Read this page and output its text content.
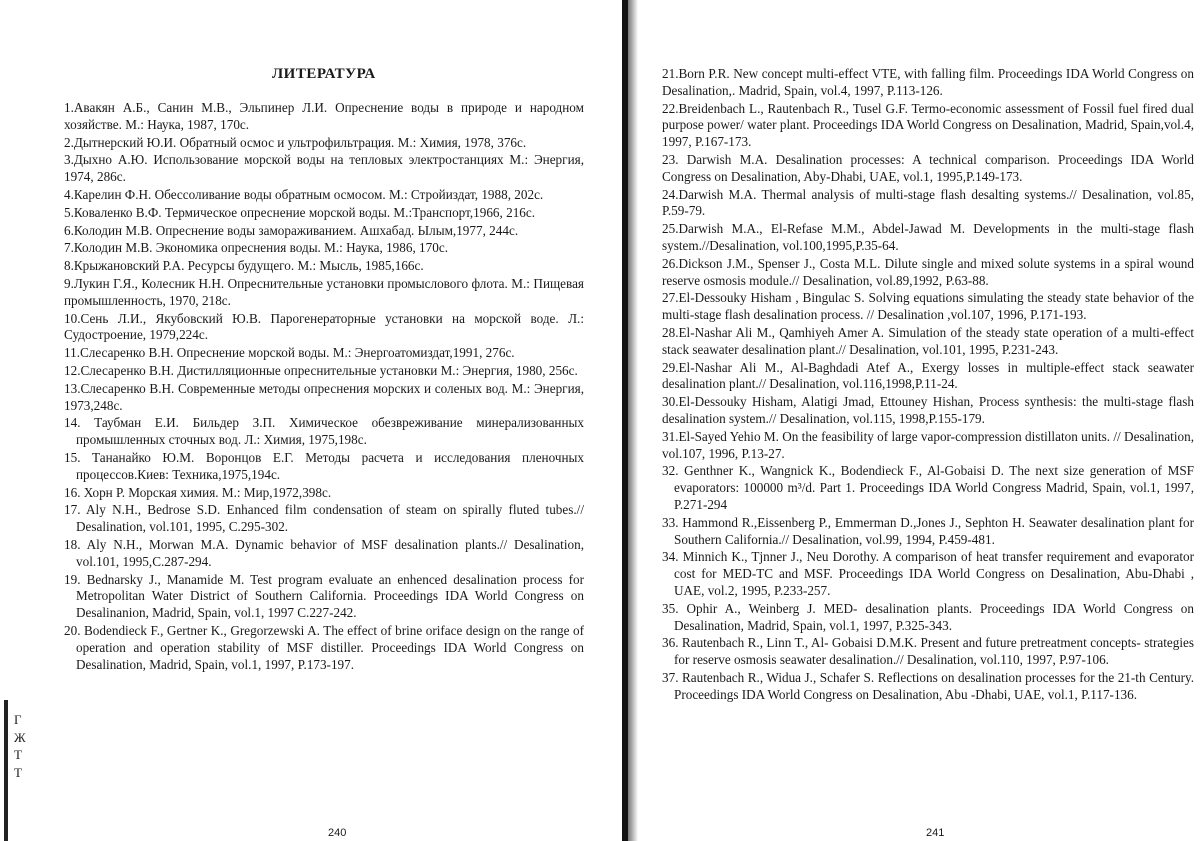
Г
Ж
Т
Т
ЛИТЕРАТУРА
1.Авакян А.Б., Санин М.В., Эльпинер Л.И. Опреснение воды в природе и народном хозяйстве. М.: Наука, 1987, 170с.
2.Дытнерский Ю.И. Обратный осмос и ультрофильтрация. М.: Химия, 1978, 376с.
3.Дыхно А.Ю. Использование морской воды на тепловых электростанциях М.: Энергия, 1974, 286с.
4.Карелин Ф.Н. Обессоливание воды обратным осмосом. М.: Стройиздат, 1988, 202с.
5.Коваленко В.Ф. Термическое опреснение морской воды. М.:Транспорт,1966, 216с.
6.Колодин М.В. Опреснение воды замораживанием. Ашхабад. Ылым,1977, 244с.
7.Колодин М.В. Экономика опреснения воды. М.: Наука, 1986, 170с.
8.Крыжановский Р.А. Ресурсы будущего. М.: Мысль, 1985,166с.
9.Лукин Г.Я., Колесник Н.Н. Опреснительные установки промыслового флота. М.: Пищевая промышленность, 1970, 218с.
10.Сень Л.И., Якубовский Ю.В. Парогенераторные установки на морской воде. Л.: Судостроение, 1979,224с.
11.Слесаренко В.Н. Опреснение морской воды. М.: Энергоатомиздат,1991, 276с.
12.Слесаренко В.Н. Дистилляционные опреснительные установки М.: Энергия, 1980, 256с.
13.Слесаренко В.Н. Современные методы опреснения морских и соленых вод. М.: Энергия, 1973,248с.
14. Таубман Е.И. Бильдер З.П. Химическое обезвреживание минерализованных промышленных сточных вод. Л.: Химия, 1975,198с.
15. Тананайко Ю.М. Воронцов Е.Г. Методы расчета и исследования пленочных процессов.Киев: Техника,1975,194с.
16. Хорн Р. Морская химия. М.: Мир,1972,398с.
17. Aly N.H., Bedrose S.D. Enhanced film condensation of steam on spirally fluted tubes.// Desalination, vol.101, 1995, C.295-302.
18. Aly N.H., Morwan M.A. Dynamic behavior of MSF desalination plants.// Desalination, vol.101, 1995,C.287-294.
19. Bednarsky J., Manamide M. Test program evaluate an enhenced desalination process for Metropolitan Water District of Southern California. Proceedings IDA World Congress on Desalinanion, Madrid, Spain, vol.1, 1997 C.227-242.
20. Bodendieck F., Gertner K., Gregorzewski A. The effect of brine oriface design on the range of operation and operation stability of MSF distiller. Proceedings IDA World Congress on Desalination, Madrid, Spain, vol.1, 1997, P.173-197.
240
21.Born P.R. New concept multi-effect VTE, with falling film. Proceedings IDA World Congress on Desalination,. Madrid, Spain, vol.4, 1997, P.113-126.
22.Breidenbach L., Rautenbach R., Tusel G.F. Termo-economic assessment of Fossil fuel fired dual purpose power/ water plant. Proceedings IDA World Congress on Desalination, Madrid, Spain,vol.4, 1997, P.167-173.
23. Darwish M.A. Desalination processes: A technical comparison. Proceedings IDA World Congress on Desalination, Aby-Dhabi, UAE, vol.1, 1995,P.149-173.
24.Darwish M.A. Thermal analysis of multi-stage flash desalting systems.// Desalination, vol.85, P.59-79.
25.Darwish M.A., El-Refase M.M., Abdel-Jawad M. Developments in the multi-stage flash system.//Desalination, vol.100,1995,P.35-64.
26.Dickson J.M., Spenser J., Costa M.L. Dilute single and mixed solute systems in a spiral wound reserve osmosis module.// Desalination, vol.89,1992, P.63-88.
27.El-Dessouky Hisham , Bingulac S. Solving equations simulating the steady state behavior of the multi-stage flash desalination process. // Desalination ,vol.107, 1996, P.171-193.
28.El-Nashar Ali M., Qamhiyeh Amer A. Simulation of the steady state operation of a multi-effect stack seawater desalination plant.// Desalination, vol.101, 1995, P.231-243.
29.El-Nashar Ali M., Al-Baghdadi Atef A., Exergy losses in multiple-effect stack seawater desalination plant.// Desalination, vol.116,1998,P.11-24.
30.El-Dessouky Hisham, Alatigi Jmad, Ettouney Hishan, Process synthesis: the multi-stage flash desalination system.// Desalination, vol.115, 1998,P.155-179.
31.El-Sayed Yehio M. On the feasibility of large vapor-compression distillaton units. // Desalination, vol.107, 1996, P.13-27.
32. Genthner K., Wangnick K., Bodendieck F., Al-Gobaisi D. The next size generation of MSF evaporators: 100000 m³/d. Part 1. Proceedings IDA World Congress Madrid, Spain, vol.1, 1997, P.271-294
33. Hammond R.,Eissenberg P., Emmerman D.,Jones J., Sephton H. Seawater desalination plant for Southern California.// Desalination, vol.99, 1994, P.459-481.
34. Minnich K., Tjnner J., Neu Dorothy. A comparison of heat transfer requirement and evaporator cost for MED-TC and MSF. Proceedings IDA World Congress on Desalination, Abu-Dhabi , UAE, vol.2, 1995, P.233-257.
35. Ophir A., Weinberg J. MED- desalination plants. Proceedings IDA World Congress on Desalination, Madrid, Spain, vol.1, 1997, P.325-343.
36. Rautenbach R., Linn T., Al- Gobaisi D.M.K. Present and future pretreatment concepts- strategies for reserve osmosis seawater desalination.// Desalination, vol.110, 1997, P.97-106.
37. Rautenbach R., Widua J., Schafer S. Reflections on desalination processes for the 21-th Century. Proceedings IDA World Congress on Desalination, Abu -Dhabi, UAE, vol.1, P.117-136.
241
